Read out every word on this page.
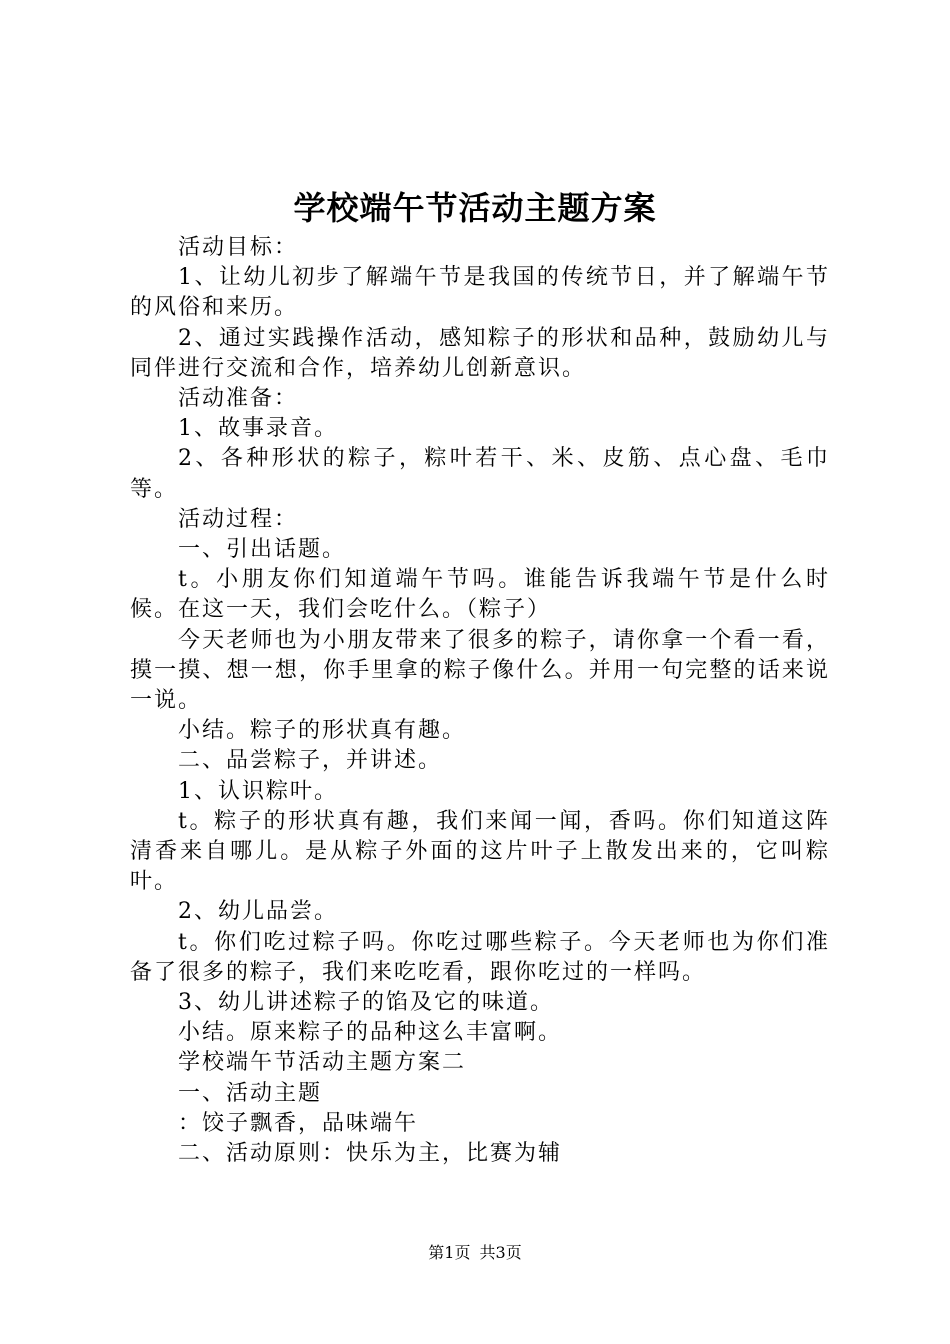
学校端午节活动主题方案

活动目标：

1、让幼儿初步了解端午节是我国的传统节日，并了解端午节的风俗和来历。

2、通过实践操作活动，感知粽子的形状和品种，鼓励幼儿与同伴进行交流和合作，培养幼儿创新意识。

活动准备：

1、故事录音。

2、各种形状的粽子，粽叶若干、米、皮筋、点心盘、毛巾等。

活动过程：

一、引出话题。

t。小朋友你们知道端午节吗。谁能告诉我端午节是什么时候。在这一天，我们会吃什么。（粽子）

今天老师也为小朋友带来了很多的粽子，请你拿一个看一看，摸一摸、想一想，你手里拿的粽子像什么。并用一句完整的话来说一说。

小结。粽子的形状真有趣。

二、品尝粽子，并讲述。

1、认识粽叶。

t。粽子的形状真有趣，我们来闻一闻，香吗。你们知道这阵清香来自哪儿。是从粽子外面的这片叶子上散发出来的，它叫粽叶。

2、幼儿品尝。

t。你们吃过粽子吗。你吃过哪些粽子。今天老师也为你们准备了很多的粽子，我们来吃吃看，跟你吃过的一样吗。

3、幼儿讲述粽子的馅及它的味道。

小结。原来粽子的品种这么丰富啊。

学校端午节活动主题方案二

一、活动主题

：饺子飘香，品味端午

二、活动原则：快乐为主，比赛为辅

第1页 共3页
